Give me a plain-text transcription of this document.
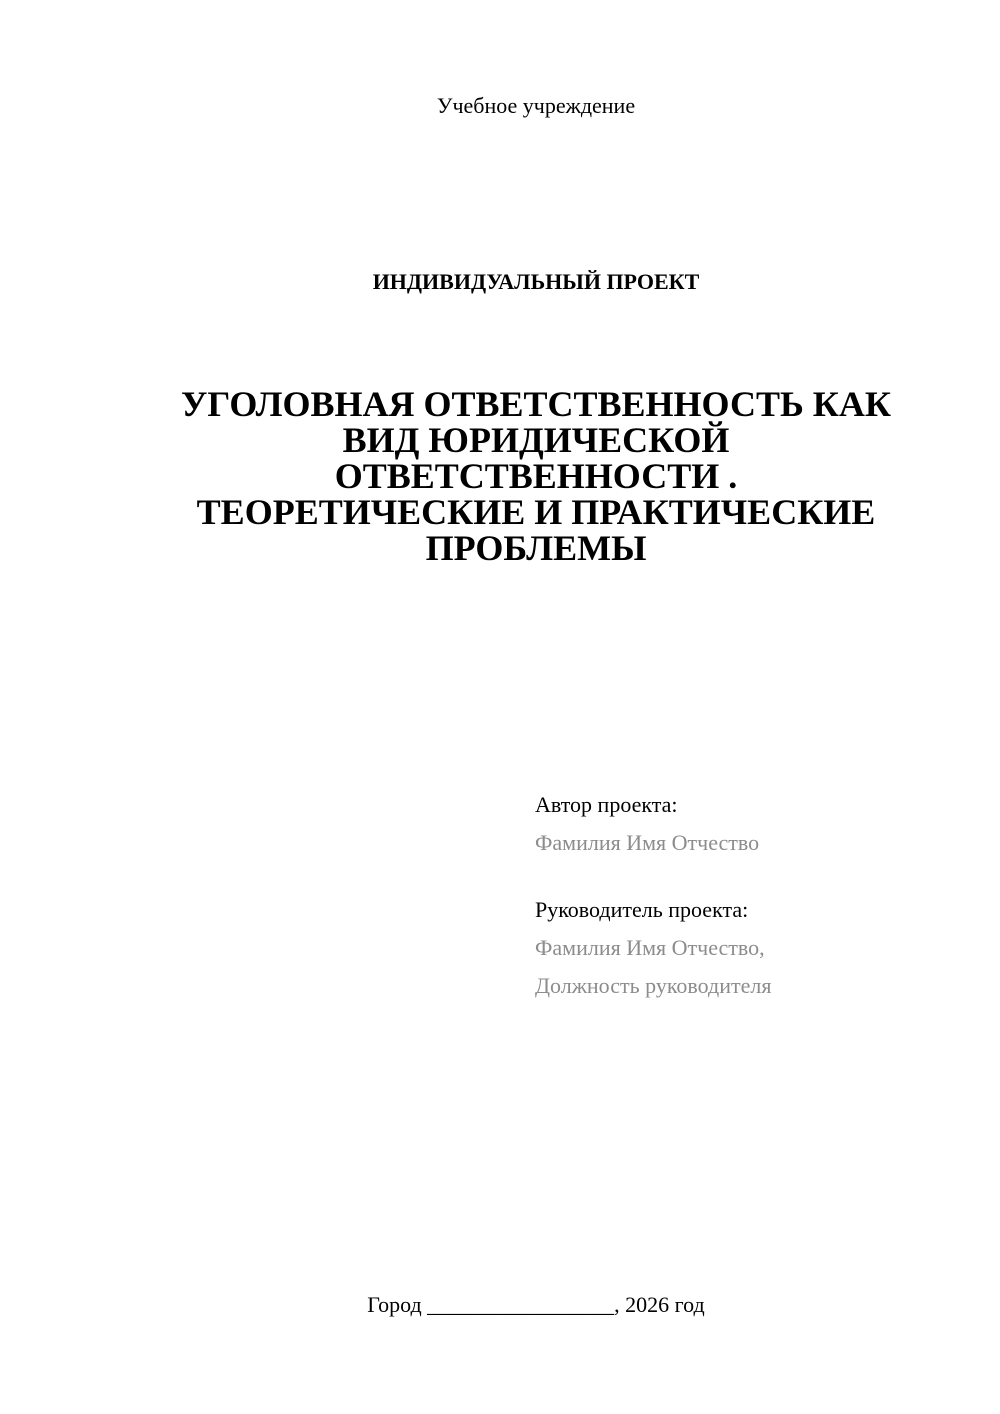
Учебное учреждение
ИНДИВИДУАЛЬНЫЙ ПРОЕКТ
УГОЛОВНАЯ ОТВЕТСТВЕННОСТЬ КАК
ВИД ЮРИДИЧЕСКОЙ
ОТВЕТСТВЕННОСТИ .
ТЕОРЕТИЧЕСКИЕ И ПРАКТИЧЕСКИЕ
ПРОБЛЕМЫ
Автор проекта:
Фамилия Имя Отчество
Руководитель проекта:
Фамилия Имя Отчество,
Должность руководителя
Город _________________, 2026 год
